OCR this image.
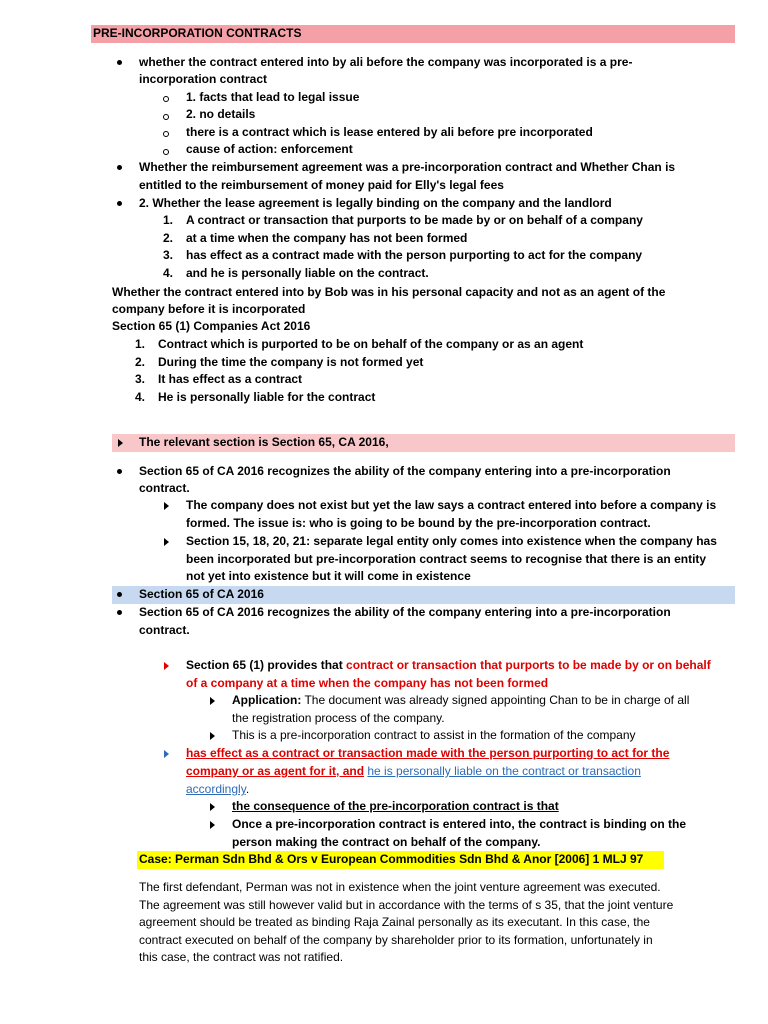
PRE-INCORPORATION CONTRACTS
whether the contract entered into by ali before the company was incorporated is a pre-
incorporation contract
1. facts that lead to legal issue
2. no details
there is a contract which is lease entered by ali before pre incorporated
cause of action: enforcement
Whether the reimbursement agreement was a pre-incorporation contract and Whether Chan is
entitled to the reimbursement of money paid for Elly's legal fees
2. Whether the lease agreement is legally binding on the company and the landlord
1. A contract or transaction that purports to be made by or on behalf of a company
2. at a time when the company has not been formed
3. has effect as a contract made with the person purporting to act for the company
4. and he is personally liable on the contract.
Whether the contract entered into by Bob was in his personal capacity and not as an agent of the
company before it is incorporated
Section 65 (1) Companies Act 2016
1. Contract which is purported to be on behalf of the company or as an agent
2. During the time the company is not formed yet
3. It has effect as a contract
4. He is personally liable for the contract
The relevant section is Section 65, CA 2016,
Section 65 of CA 2016 recognizes the ability of the company entering into a pre-incorporation
contract.
The company does not exist but yet the law says a contract entered into before a company is
formed. The issue is: who is going to be bound by the pre-incorporation contract.
Section 15, 18, 20, 21: separate legal entity only comes into existence when the company has
been incorporated but pre-incorporation contract seems to recognise that there is an entity
not yet into existence but it will come in existence
Section 65 of CA 2016
Section 65 of CA 2016 recognizes the ability of the company entering into a pre-incorporation
contract.
Section 65 (1) provides that contract or transaction that purports to be made by or on behalf
of a company at a time when the company has not been formed
Application: The document was already signed appointing Chan to be in charge of all
the registration process of the company.
This is a pre-incorporation contract to assist in the formation of the company
has effect as a contract or transaction made with the person purporting to act for the
company or as agent for it, and he is personally liable on the contract or transaction
accordingly.
the consequence of the pre-incorporation contract is that
Once a pre-incorporation contract is entered into, the contract is binding on the
person making the contract on behalf of the company.
Case: Perman Sdn Bhd & Ors v European Commodities Sdn Bhd & Anor [2006] 1 MLJ 97
The first defendant, Perman was not in existence when the joint venture agreement was executed.
The agreement was still however valid but in accordance with the terms of s 35, that the joint venture
agreement should be treated as binding Raja Zainal personally as its executant. In this case, the
contract executed on behalf of the company by shareholder prior to its formation, unfortunately in
this case, the contract was not ratified.
